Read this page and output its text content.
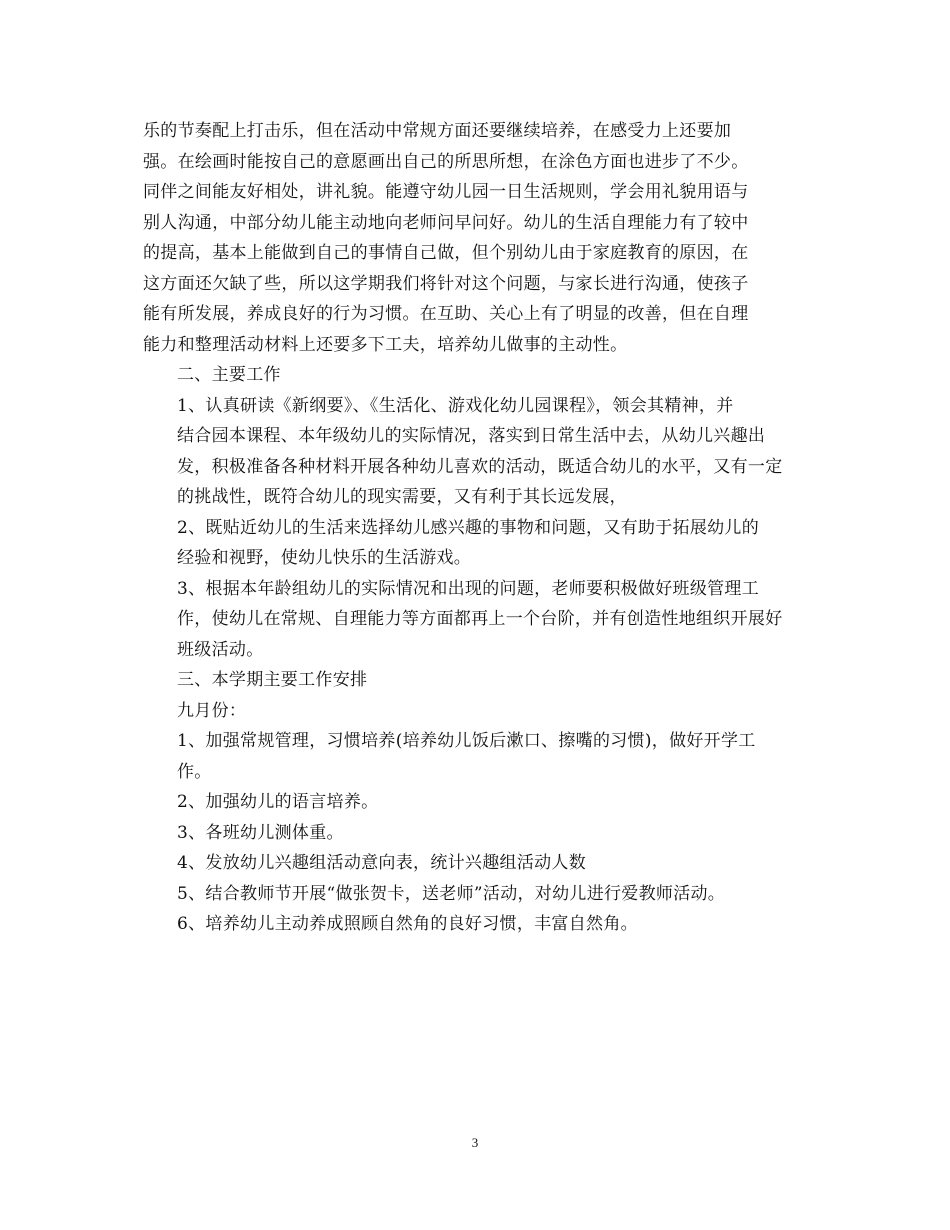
乐的节奏配上打击乐，但在活动中常规方面还要继续培养，在感受力上还要加
强。在绘画时能按自己的意愿画出自己的所思所想，在涂色方面也进步了不少。
同伴之间能友好相处，讲礼貌。能遵守幼儿园一日生活规则，学会用礼貌用语与
别人沟通，中部分幼儿能主动地向老师问早问好。幼儿的生活自理能力有了较中
的提高，基本上能做到自己的事情自己做，但个别幼儿由于家庭教育的原因，在
这方面还欠缺了些，所以这学期我们将针对这个问题，与家长进行沟通，使孩子
能有所发展，养成良好的行为习惯。在互助、关心上有了明显的改善，但在自理
能力和整理活动材料上还要多下工夫，培养幼儿做事的主动性。

二、主要工作

1、认真研读《新纲要》、《生活化、游戏化幼儿园课程》，领会其精神，并
结合园本课程、本年级幼儿的实际情况，落实到日常生活中去，从幼儿兴趣出
发，积极准备各种材料开展各种幼儿喜欢的活动，既适合幼儿的水平，又有一定
的挑战性，既符合幼儿的现实需要，又有利于其长远发展，

2、既贴近幼儿的生活来选择幼儿感兴趣的事物和问题，又有助于拓展幼儿的
经验和视野，使幼儿快乐的生活游戏。

3、根据本年龄组幼儿的实际情况和出现的问题，老师要积极做好班级管理工
作，使幼儿在常规、自理能力等方面都再上一个台阶，并有创造性地组织开展好
班级活动。

三、本学期主要工作安排

九月份：

1、加强常规管理，习惯培养(培养幼儿饭后漱口、擦嘴的习惯)，做好开学工
作。

2、加强幼儿的语言培养。

3、各班幼儿测体重。

4、发放幼儿兴趣组活动意向表，统计兴趣组活动人数

5、结合教师节开展“做张贺卡，送老师”活动，对幼儿进行爱教师活动。

6、培养幼儿主动养成照顾自然角的良好习惯，丰富自然角。

3
